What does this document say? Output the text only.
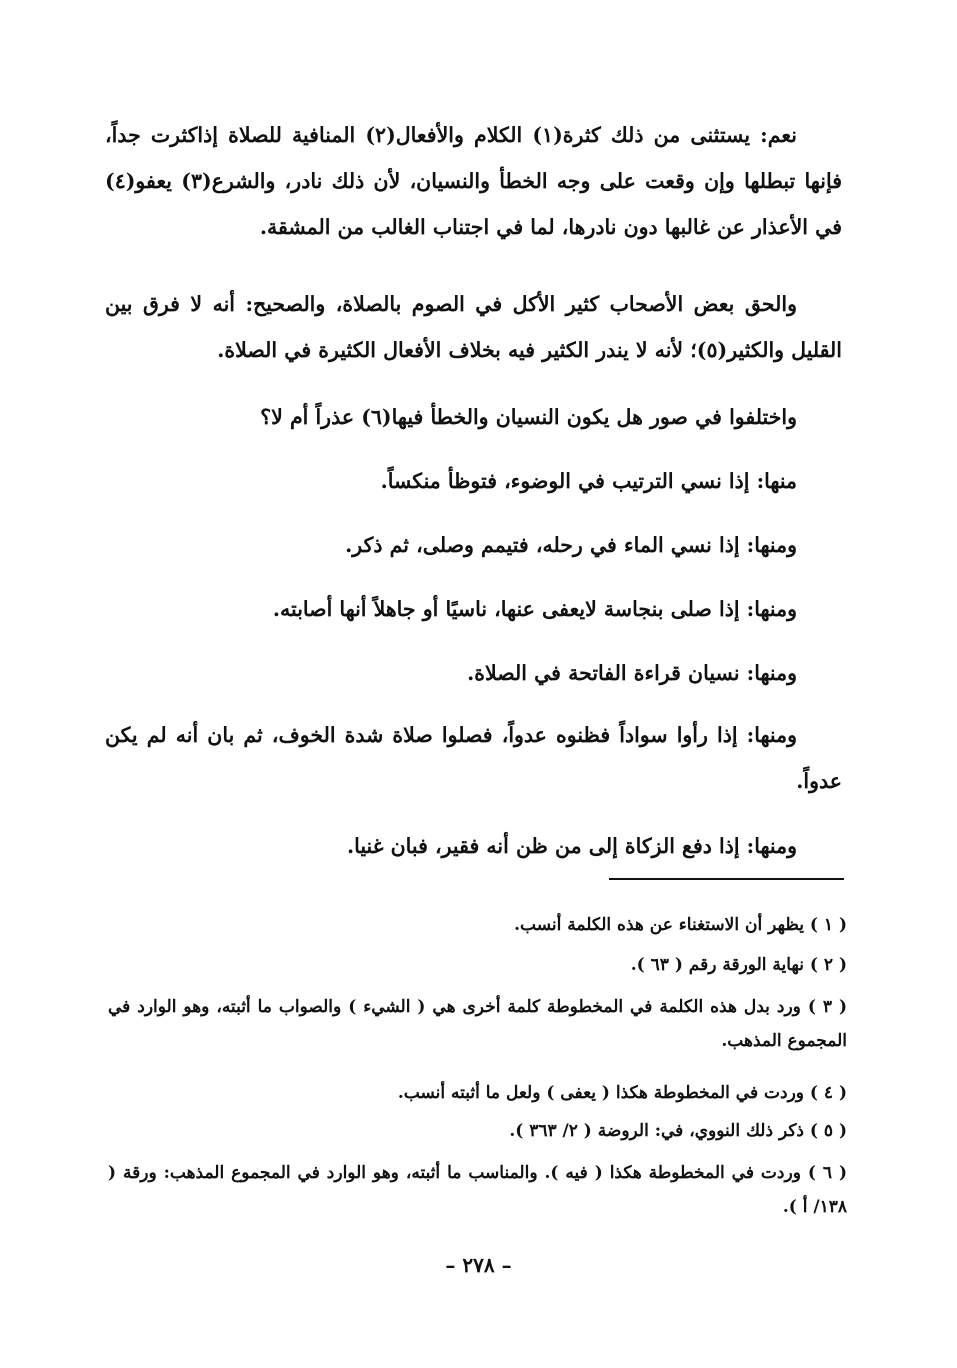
نعم: يستثنى من ذلك كثرة(١) الكلام والأفعال(٢) المنافية للصلاة إذاكثرت جداً، فإنها تبطلها وإن وقعت على وجه الخطأ والنسيان، لأن ذلك نادر، والشرع(٣) يعفو(٤) في الأعذار عن غالبها دون نادرها، لما في اجتناب الغالب من المشقة.
والحق بعض الأصحاب كثير الأكل في الصوم بالصلاة، والصحيح: أنه لا فرق بين القليل والكثير(٥)؛ لأنه لا يندر الكثير فيه بخلاف الأفعال الكثيرة في الصلاة.
واختلفوا في صور هل يكون النسيان والخطأ فيها(٦) عذراً أم لا؟
منها: إذا نسي الترتيب في الوضوء، فتوظأ منكساً.
ومنها: إذا نسي الماء في رحله، فتيمم وصلى، ثم ذكر.
ومنها: إذا صلى بنجاسة لايعفى عنها، ناسيًا أو جاهلاً أنها أصابته.
ومنها: نسيان قراءة الفاتحة في الصلاة.
ومنها: إذا رأوا سواداً فظنوه عدواً، فصلوا صلاة شدة الخوف، ثم بان أنه لم يكن عدواً.
ومنها: إذا دفع الزكاة إلى من ظن أنه فقير، فبان غنيا.
( ١ ) يظهر أن الاستغناء عن هذه الكلمة أنسب.
( ٢ ) نهاية الورقة رقم ( ٦٣ ).
( ٣ ) ورد بدل هذه الكلمة في المخطوطة كلمة أخرى هي ( الشيء ) والصواب ما أثبته، وهو الوارد في المجموع المذهب.
( ٤ ) وردت في المخطوطة هكذا ( يعفى ) ولعل ما أثبته أنسب.
( ٥ ) ذكر ذلك النووي، في: الروضة ( ٢/ ٣٦٣ ).
( ٦ ) وردت في المخطوطة هكذا ( فيه ). والمناسب ما أثبته، وهو الوارد في المجموع المذهب: ورقة ( ١٣٨/ أ ).
– ٢٧٨ –
